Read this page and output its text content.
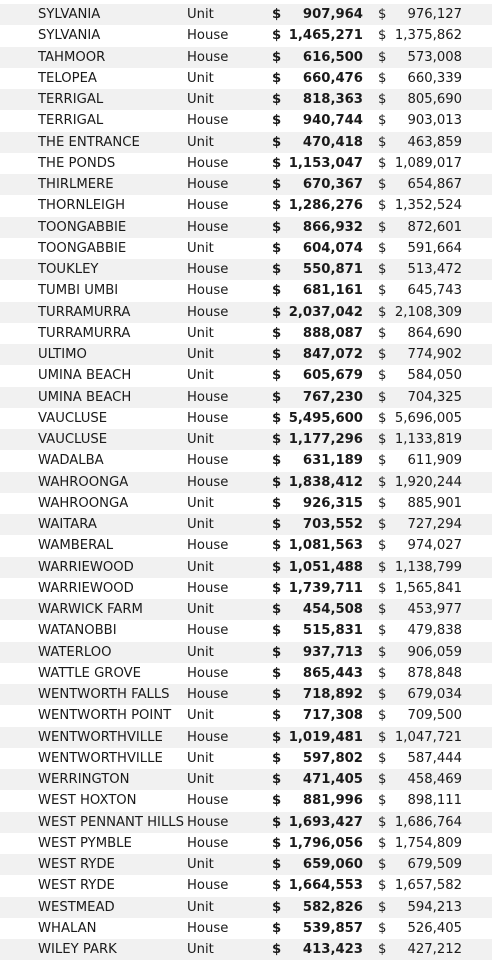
SYLVANIA	Unit	$ 907,964 $ 976,127
SYLVANIA	House	$ 1,465,271 $ 1,375,862
TAHMOOR	House	$ 616,500 $ 573,008
TELOPEA	Unit	$ 660,476 $ 660,339
TERRIGAL	Unit	$ 818,363 $ 805,690
TERRIGAL	House	$ 940,744 $ 903,013
THE ENTRANCE	Unit	$ 470,418 $ 463,859
THE PONDS	House	$ 1,153,047 $ 1,089,017
THIRLMERE	House	$ 670,367 $ 654,867
THORNLEIGH	House	$ 1,286,276 $ 1,352,524
TOONGABBIE	House	$ 866,932 $ 872,601
TOONGABBIE	Unit	$ 604,074 $ 591,664
TOUKLEY	House	$ 550,871 $ 513,472
TUMBI UMBI	House	$ 681,161 $ 645,743
TURRAMURRA	House	$ 2,037,042 $ 2,108,309
TURRAMURRA	Unit	$ 888,087 $ 864,690
ULTIMO	Unit	$ 847,072 $ 774,902
UMINA BEACH	Unit	$ 605,679 $ 584,050
UMINA BEACH	House	$ 767,230 $ 704,325
VAUCLUSE	House	$ 5,495,600 $ 5,696,005
VAUCLUSE	Unit	$ 1,177,296 $ 1,133,819
WADALBA	House	$ 631,189 $ 611,909
WAHROONGA	House	$ 1,838,412 $ 1,920,244
WAHROONGA	Unit	$ 926,315 $ 885,901
WAITARA	Unit	$ 703,552 $ 727,294
WAMBERAL	House	$ 1,081,563 $ 974,027
WARRIEWOOD	Unit	$ 1,051,488 $ 1,138,799
WARRIEWOOD	House	$ 1,739,711 $ 1,565,841
WARWICK FARM	Unit	$ 454,508 $ 453,977
WATANOBBI	House	$ 515,831 $ 479,838
WATERLOO	Unit	$ 937,713 $ 906,059
WATTLE GROVE	House	$ 865,443 $ 878,848
WENTWORTH FALLS House	$ 718,892 $ 679,034
WENTWORTH POINT Unit	$ 717,308 $ 709,500
WENTWORTHVILLE House	$ 1,019,481 $ 1,047,721
WENTWORTHVILLE Unit	$ 597,802 $ 587,444
WERRINGTON	Unit	$ 471,405 $ 458,469
WEST HOXTON	House	$ 881,996 $ 898,111
WEST PENNANT HILLS House	$ 1,693,427 $ 1,686,764
WEST PYMBLE	House	$ 1,796,056 $ 1,754,809
WEST RYDE	Unit	$ 659,060 $ 679,509
WEST RYDE	House	$ 1,664,553 $ 1,657,582
WESTMEAD	Unit	$ 582,826 $ 594,213
WHALAN	House	$ 539,857 $ 526,405
WILEY PARK	Unit	$ 413,423 $ 427,212
